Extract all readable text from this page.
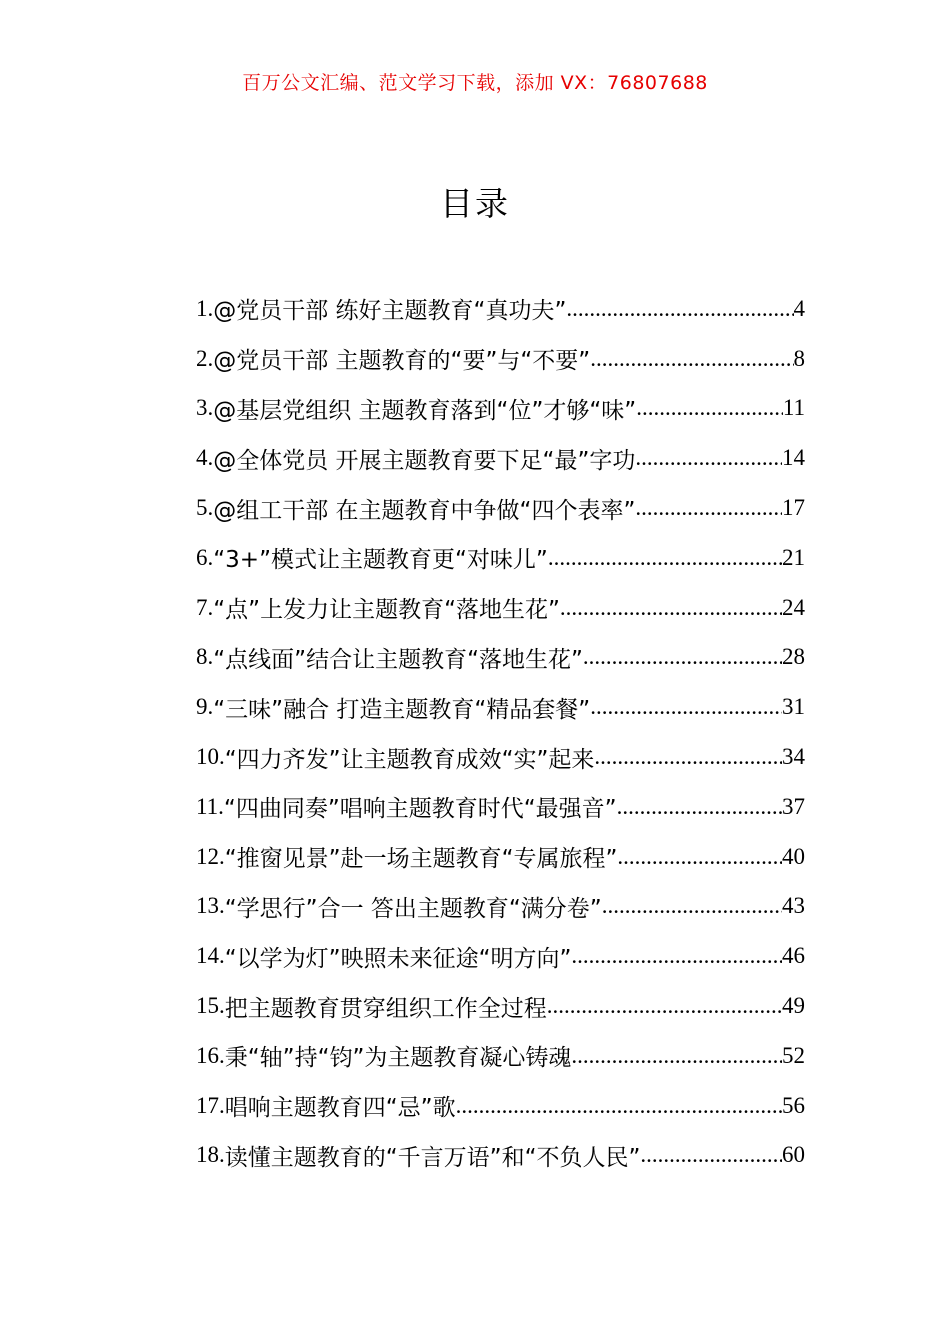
百万公文汇编、范文学习下载，添加 VX：76807688
目录
1. @党员干部 练好主题教育“真功夫” .....	4
2. @党员干部 主题教育的“要”与“不要” .....	8
3. @基层党组织 主题教育落到“位”才够“味” .....	11
4. @全体党员 开展主题教育要下足“最”字功 .....	14
5. @组工干部 在主题教育中争做“四个表率” .....	17
6. “3+”模式让主题教育更“对味儿” .....	21
7. “点”上发力让主题教育“落地生花” .....	24
8. “点线面”结合让主题教育“落地生花” .....	28
9. “三味”融合 打造主题教育“精品套餐” .....	31
10. “四力齐发”让主题教育成效“实”起来 .....	34
11. “四曲同奏”唱响主题教育时代“最强音” .....	37
12. “推窗见景”赴一场主题教育“专属旅程” .....	40
13. “学思行”合一 答出主题教育“满分卷” .....	43
14. “以学为灯”映照未来征途“明方向” .....	46
15. 把主题教育贯穿组织工作全过程 .....	49
16. 秉“轴”持“钧”为主题教育凝心铸魂 .....	52
17. 唱响主题教育四“忌”歌 .....	56
18. 读懂主题教育的“千言万语”和“不负人民” .....	60
